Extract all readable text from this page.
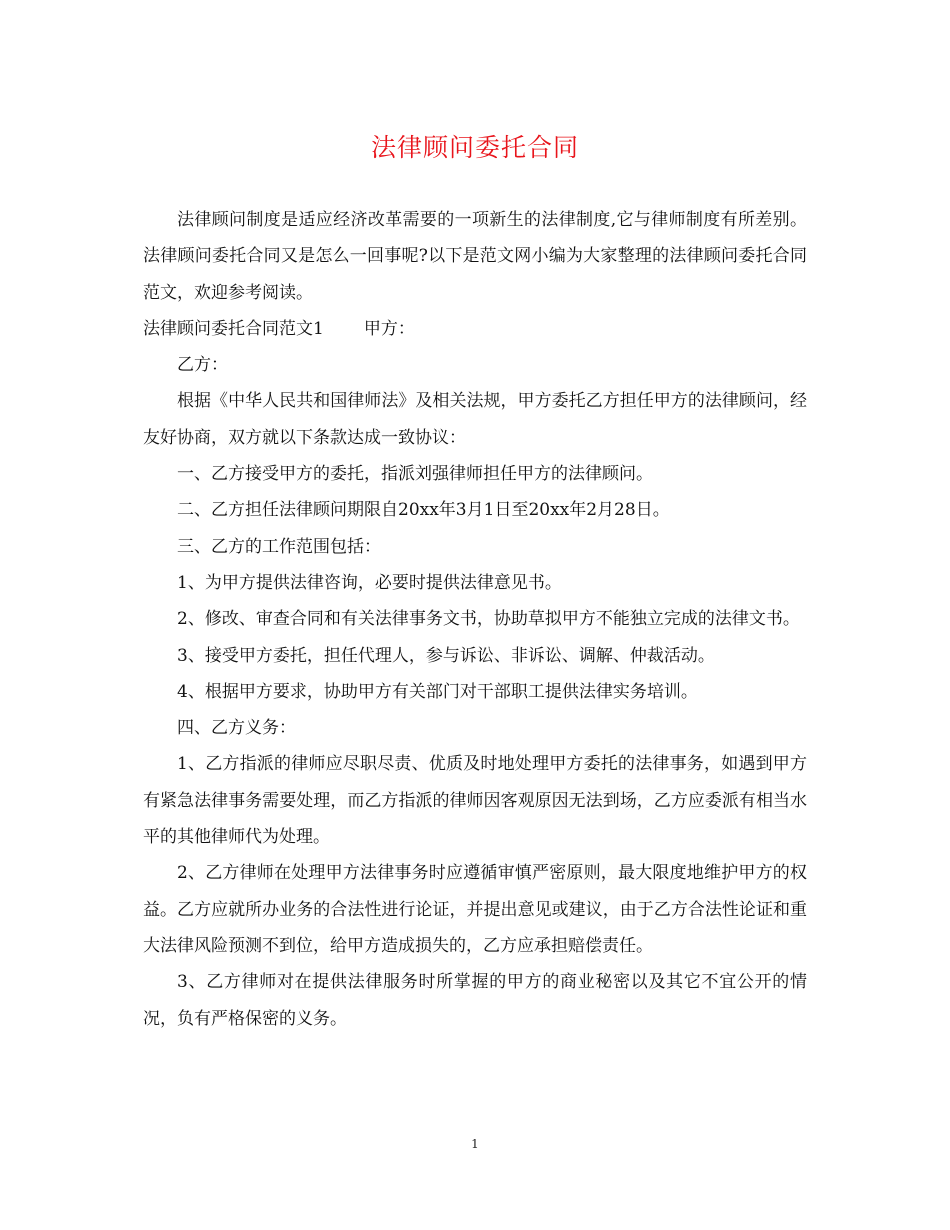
法律顾问委托合同

法律顾问制度是适应经济改革需要的一项新生的法律制度,它与律师制度有所差别。法律顾问委托合同又是怎么一回事呢?以下是范文网小编为大家整理的法律顾问委托合同范文，欢迎参考阅读。

法律顾问委托合同范文1 甲方：

乙方：

根据《中华人民共和国律师法》及相关法规，甲方委托乙方担任甲方的法律顾问，经友好协商，双方就以下条款达成一致协议：

一、乙方接受甲方的委托，指派刘强律师担任甲方的法律顾问。

二、乙方担任法律顾问期限自20xx年3月1日至20xx年2月28日。

三、乙方的工作范围包括：

1、为甲方提供法律咨询，必要时提供法律意见书。

2、修改、审查合同和有关法律事务文书，协助草拟甲方不能独立完成的法律文书。

3、接受甲方委托，担任代理人，参与诉讼、非诉讼、调解、仲裁活动。

4、根据甲方要求，协助甲方有关部门对干部职工提供法律实务培训。

四、乙方义务：

1、乙方指派的律师应尽职尽责、优质及时地处理甲方委托的法律事务，如遇到甲方有紧急法律事务需要处理，而乙方指派的律师因客观原因无法到场，乙方应委派有相当水平的其他律师代为处理。

2、乙方律师在处理甲方法律事务时应遵循审慎严密原则，最大限度地维护甲方的权益。乙方应就所办业务的合法性进行论证，并提出意见或建议，由于乙方合法性论证和重大法律风险预测不到位，给甲方造成损失的，乙方应承担赔偿责任。

3、乙方律师对在提供法律服务时所掌握的甲方的商业秘密以及其它不宜公开的情况，负有严格保密的义务。

1
